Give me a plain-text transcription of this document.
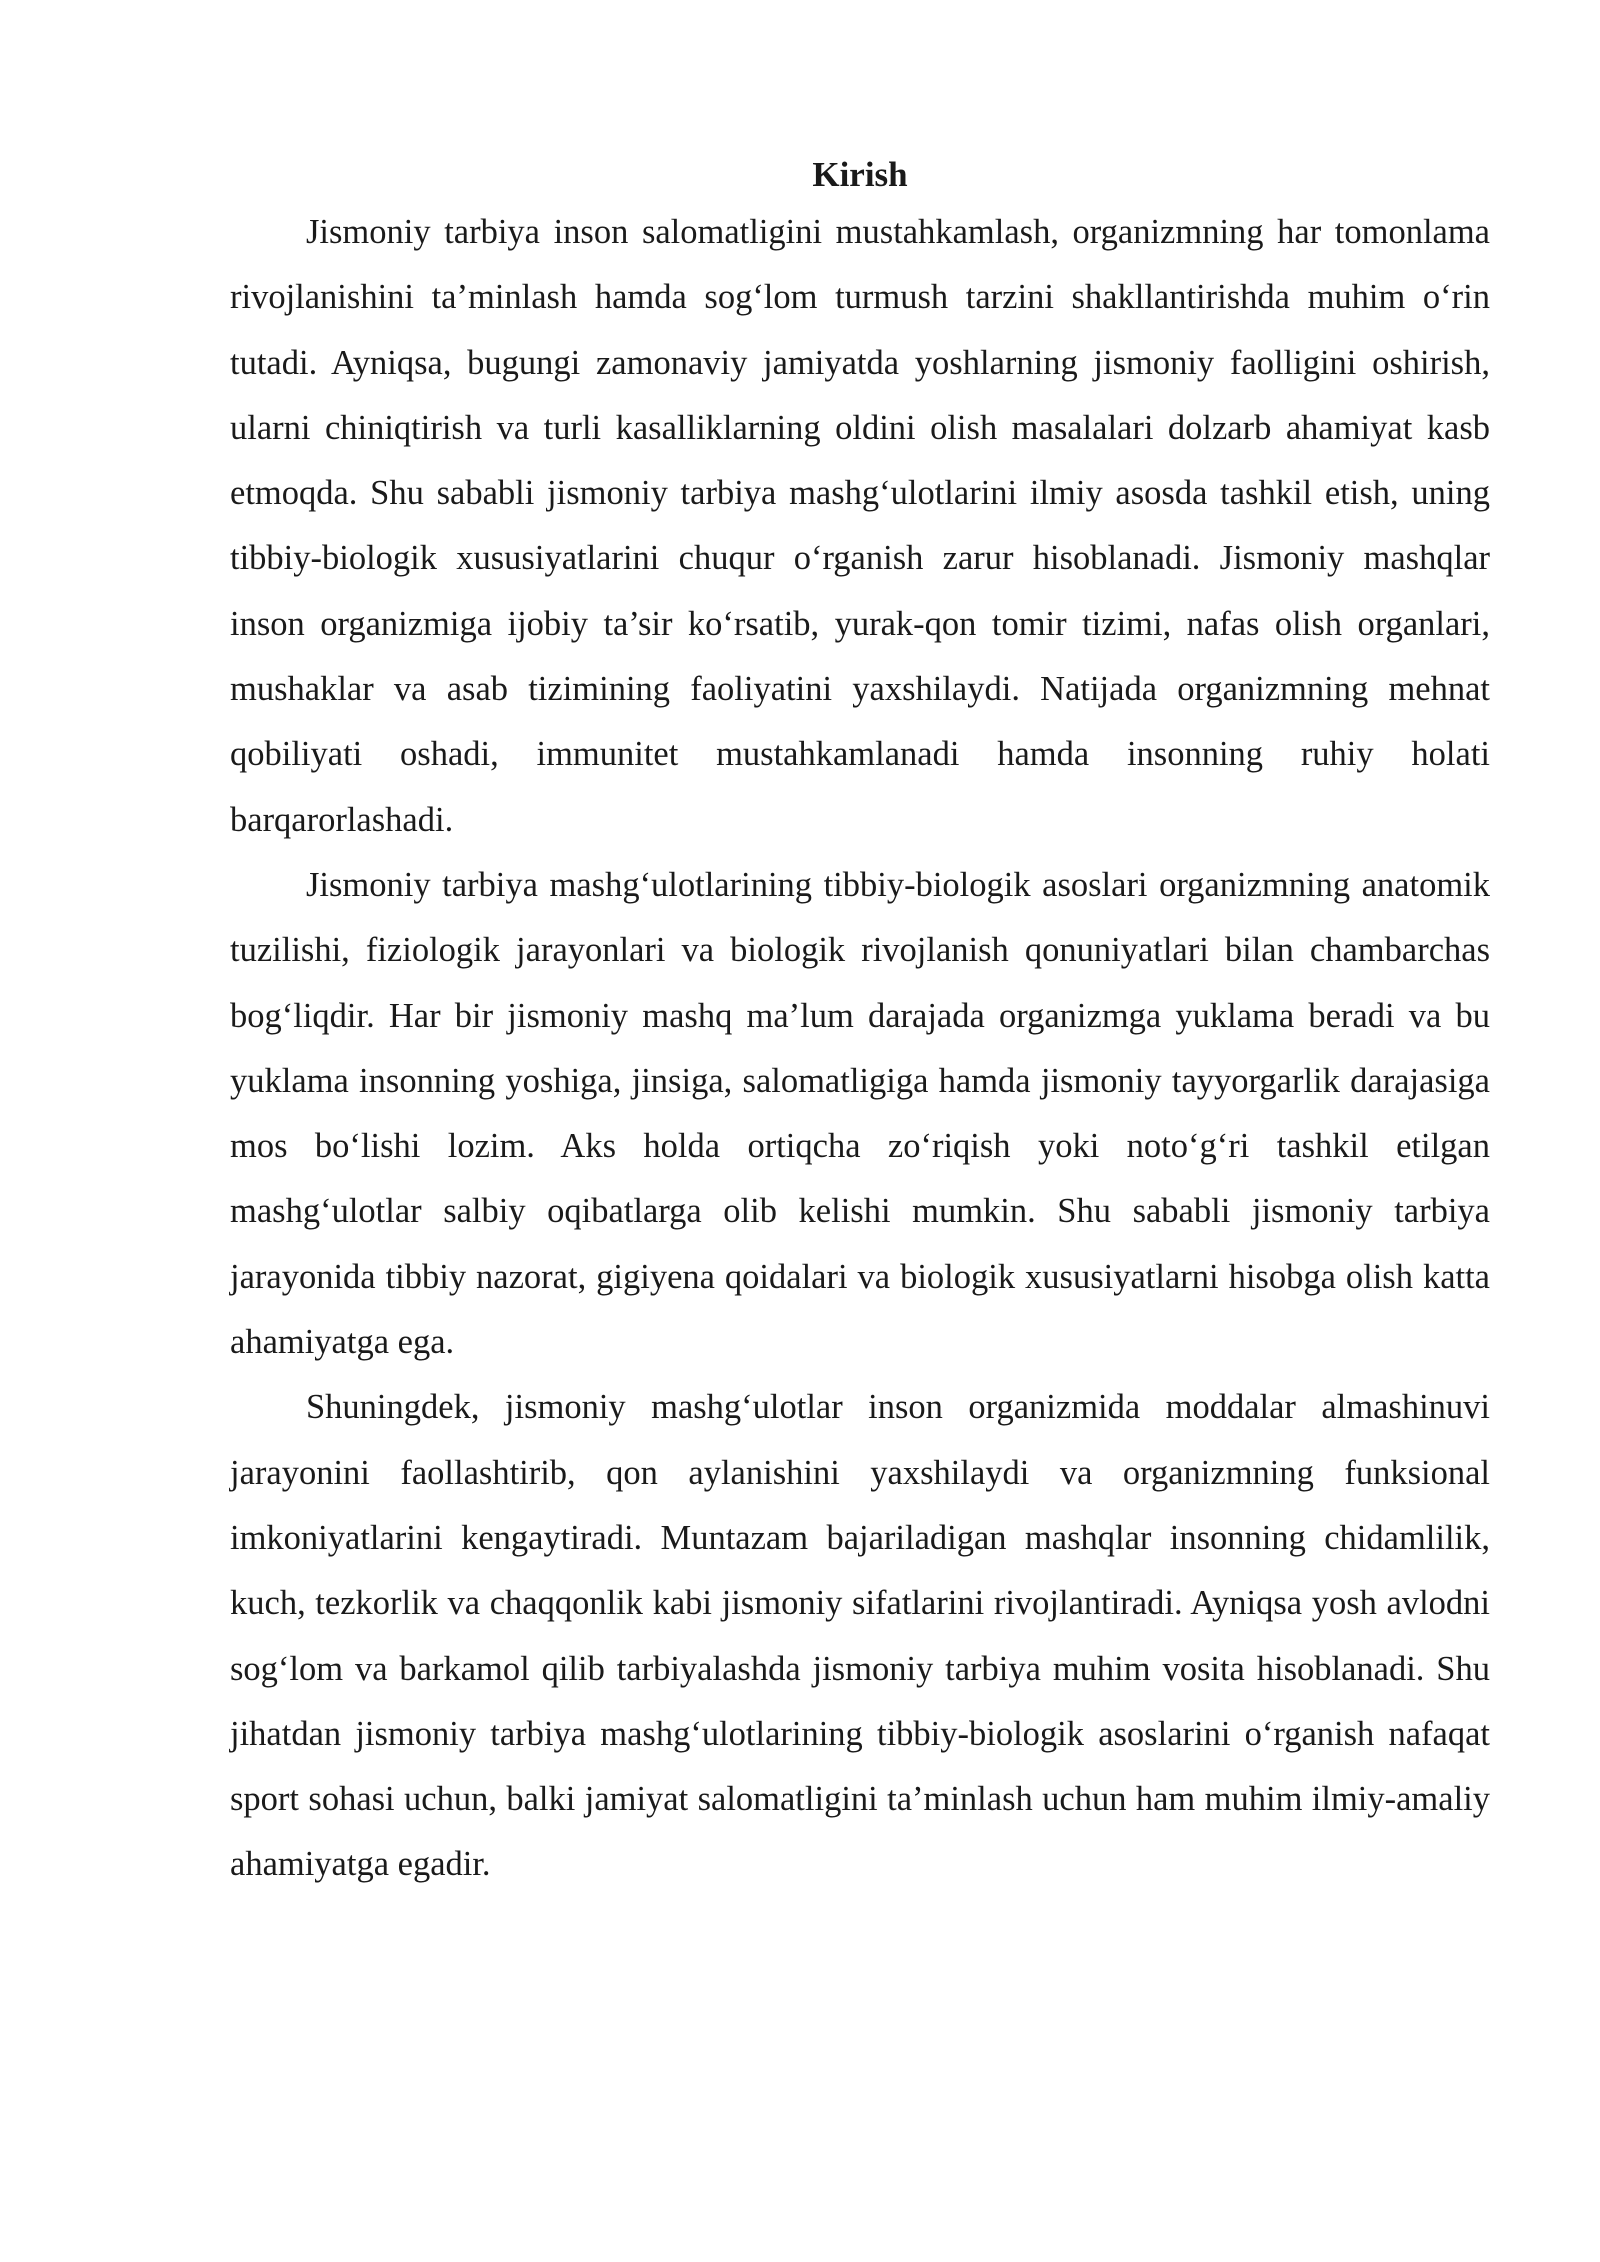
Kirish

Jismoniy tarbiya inson salomatligini mustahkamlash, organizmning har tomonlama rivojlanishini ta’minlash hamda sog‘lom turmush tarzini shakllantirishda muhim o‘rin tutadi. Ayniqsa, bugungi zamonaviy jamiyatda yoshlarning jismoniy faolligini oshirish, ularni chiniqtirish va turli kasalliklarning oldini olish masalalari dolzarb ahamiyat kasb etmoqda. Shu sababli jismoniy tarbiya mashg‘ulotlarini ilmiy asosda tashkil etish, uning tibbiy-biologik xususiyatlarini chuqur o‘rganish zarur hisoblanadi. Jismoniy mashqlar inson organizmiga ijobiy ta’sir ko‘rsatib, yurak-qon tomir tizimi, nafas olish organlari, mushaklar va asab tizimining faoliyatini yaxshilaydi. Natijada organizmning mehnat qobiliyati oshadi, immunitet mustahkamlanadi hamda insonning ruhiy holati barqarorlashadi.

Jismoniy tarbiya mashg‘ulotlarining tibbiy-biologik asoslari organizmning anatomik tuzilishi, fiziologik jarayonlari va biologik rivojlanish qonuniyatlari bilan chambarchas bog‘liqdir. Har bir jismoniy mashq ma’lum darajada organizmga yuklama beradi va bu yuklama insonning yoshiga, jinsiga, salomatligiga hamda jismoniy tayyorgarlik darajasiga mos bo‘lishi lozim. Aks holda ortiqcha zo‘riqish yoki noto‘g‘ri tashkil etilgan mashg‘ulotlar salbiy oqibatlarga olib kelishi mumkin. Shu sababli jismoniy tarbiya jarayonida tibbiy nazorat, gigiyena qoidalari va biologik xususiyatlarni hisobga olish katta ahamiyatga ega.

Shuningdek, jismoniy mashg‘ulotlar inson organizmida moddalar almashinuvi jarayonini faollashtirib, qon aylanishini yaxshilaydi va organizmning funksional imkoniyatlarini kengaytiradi. Muntazam bajariladigan mashqlar insonning chidamlilik, kuch, tezkorlik va chaqqonlik kabi jismoniy sifatlarini rivojlantiradi. Ayniqsa yosh avlodni sog‘lom va barkamol qilib tarbiyalashda jismoniy tarbiya muhim vosita hisoblanadi. Shu jihatdan jismoniy tarbiya mashg‘ulotlarining tibbiy-biologik asoslarini o‘rganish nafaqat sport sohasi uchun, balki jamiyat salomatligini ta’minlash uchun ham muhim ilmiy-amaliy ahamiyatga egadir.
